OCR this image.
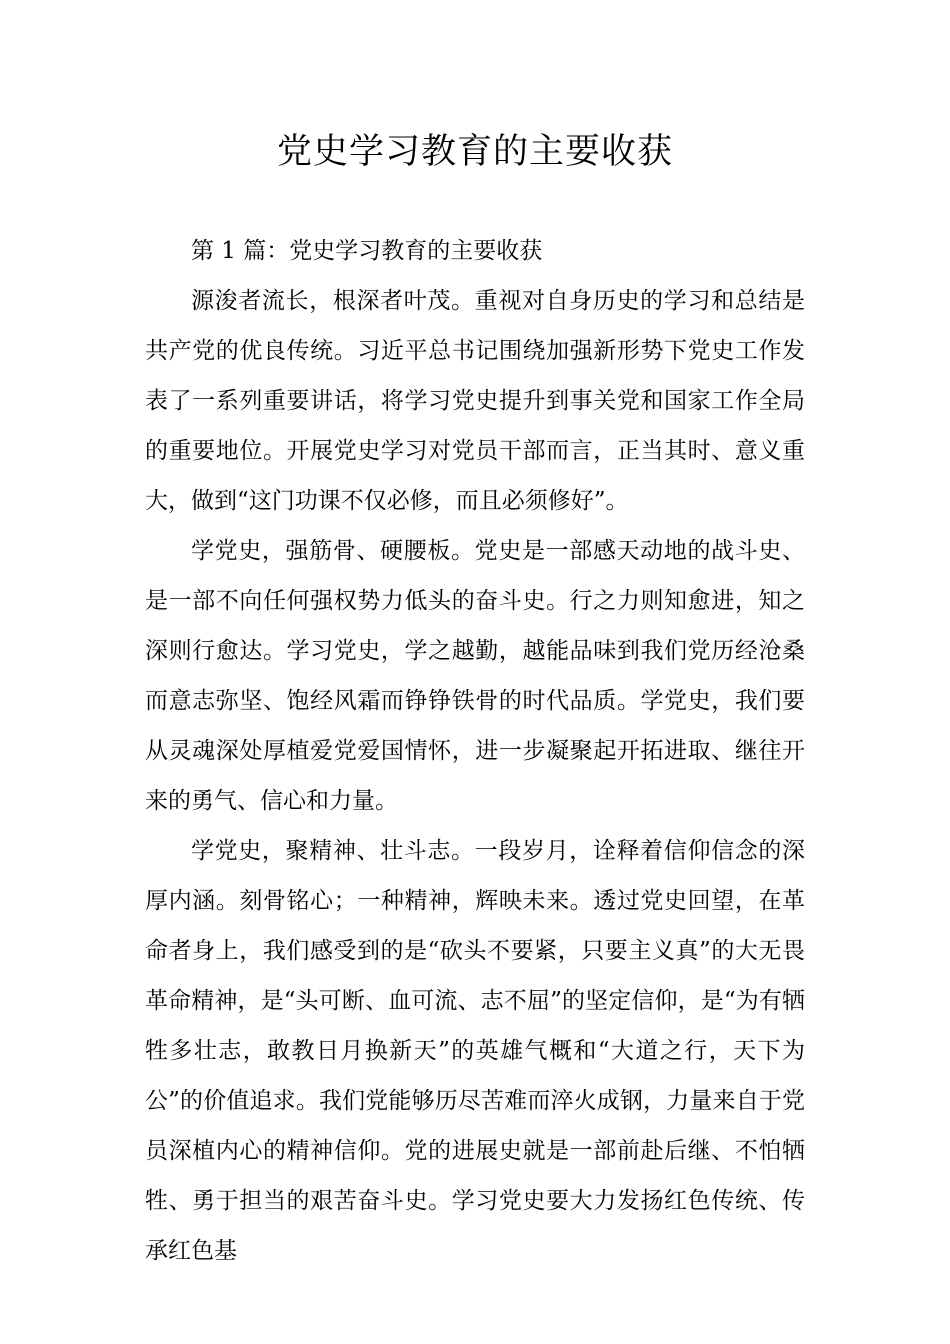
党史学习教育的主要收获

第 1 篇：党史学习教育的主要收获

源浚者流长，根深者叶茂。重视对自身历史的学习和总结是共产党的优良传统。习近平总书记围绕加强新形势下党史工作发表了一系列重要讲话，将学习党史提升到事关党和国家工作全局的重要地位。开展党史学习对党员干部而言，正当其时、意义重大，做到“这门功课不仅必修，而且必须修好”。

学党史，强筋骨、硬腰板。党史是一部感天动地的战斗史、是一部不向任何强权势力低头的奋斗史。行之力则知愈进，知之深则行愈达。学习党史，学之越勤，越能品味到我们党历经沧桑而意志弥坚、饱经风霜而铮铮铁骨的时代品质。学党史，我们要从灵魂深处厚植爱党爱国情怀，进一步凝聚起开拓进取、继往开来的勇气、信心和力量。

学党史，聚精神、壮斗志。一段岁月，诠释着信仰信念的深厚内涵。刻骨铭心；一种精神，辉映未来。透过党史回望，在革命者身上，我们感受到的是“砍头不要紧，只要主义真”的大无畏革命精神，是“头可断、血可流、志不屈”的坚定信仰，是“为有牺牲多壮志，敢教日月换新天”的英雄气概和“大道之行，天下为公”的价值追求。我们党能够历尽苦难而淬火成钢，力量来自于党员深植内心的精神信仰。党的进展史就是一部前赴后继、不怕牺牲、勇于担当的艰苦奋斗史。学习党史要大力发扬红色传统、传承红色基
